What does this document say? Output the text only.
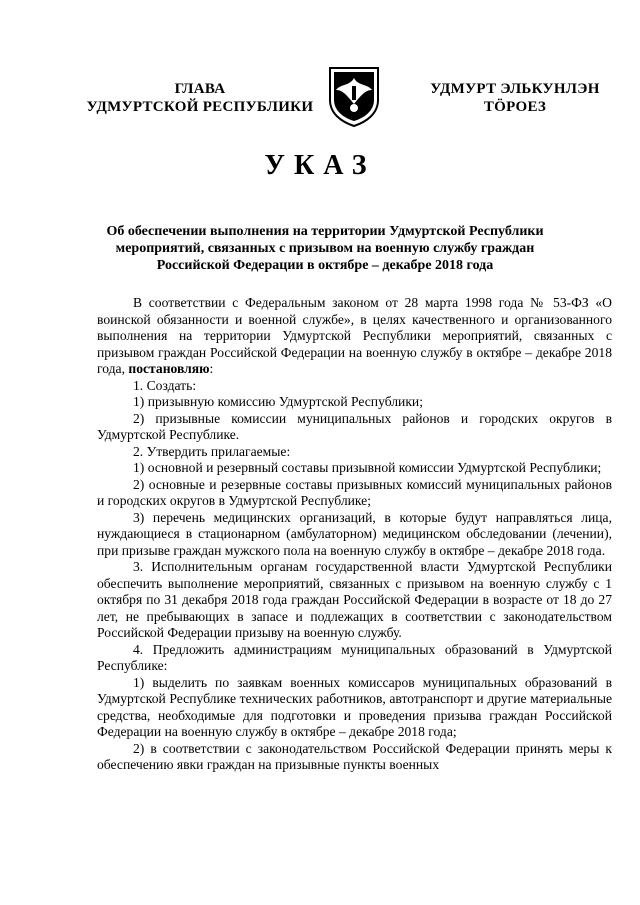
ГЛАВА
УДМУРТСКОЙ РЕСПУБЛИКИ
УДМУРТ ЭЛЬКУНЛЭН
ТÖРОЕЗ
УКАЗ
Об обеспечении выполнения на территории Удмуртской Республики мероприятий, связанных с призывом на военную службу граждан Российской Федерации в октябре – декабре 2018 года

В соответствии с Федеральным законом от 28 марта 1998 года № 53-ФЗ «О воинской обязанности и военной службе», в целях качественного и организованного выполнения на территории Удмуртской Республики мероприятий, связанных с призывом граждан Российской Федерации на военную службу в октябре – декабре 2018 года, постановляю:

1. Создать:

1) призывную комиссию Удмуртской Республики;

2) призывные комиссии муниципальных районов и городских округов в Удмуртской Республике.

2. Утвердить прилагаемые:

1) основной и резервный составы призывной комиссии Удмуртской Республики;

2) основные и резервные составы призывных комиссий муниципальных районов и городских округов в Удмуртской Республике;

3) перечень медицинских организаций, в которые будут направляться лица, нуждающиеся в стационарном (амбулаторном) медицинском обследовании (лечении), при призыве граждан мужского пола на военную службу в октябре – декабре 2018 года.

3. Исполнительным органам государственной власти Удмуртской Республики обеспечить выполнение мероприятий, связанных с призывом на военную службу с 1 октября по 31 декабря 2018 года граждан Российской Федерации в возрасте от 18 до 27 лет, не пребывающих в запасе и подлежащих в соответствии с законодательством Российской Федерации призыву на военную службу.

4. Предложить администрациям муниципальных образований в Удмуртской Республике:

1) выделить по заявкам военных комиссаров муниципальных образований в Удмуртской Республике технических работников, автотранспорт и другие материальные средства, необходимые для подготовки и проведения призыва граждан Российской Федерации на военную службу в октябре – декабре 2018 года;

2) в соответствии с законодательством Российской Федерации принять меры к обеспечению явки граждан на призывные пункты военных
